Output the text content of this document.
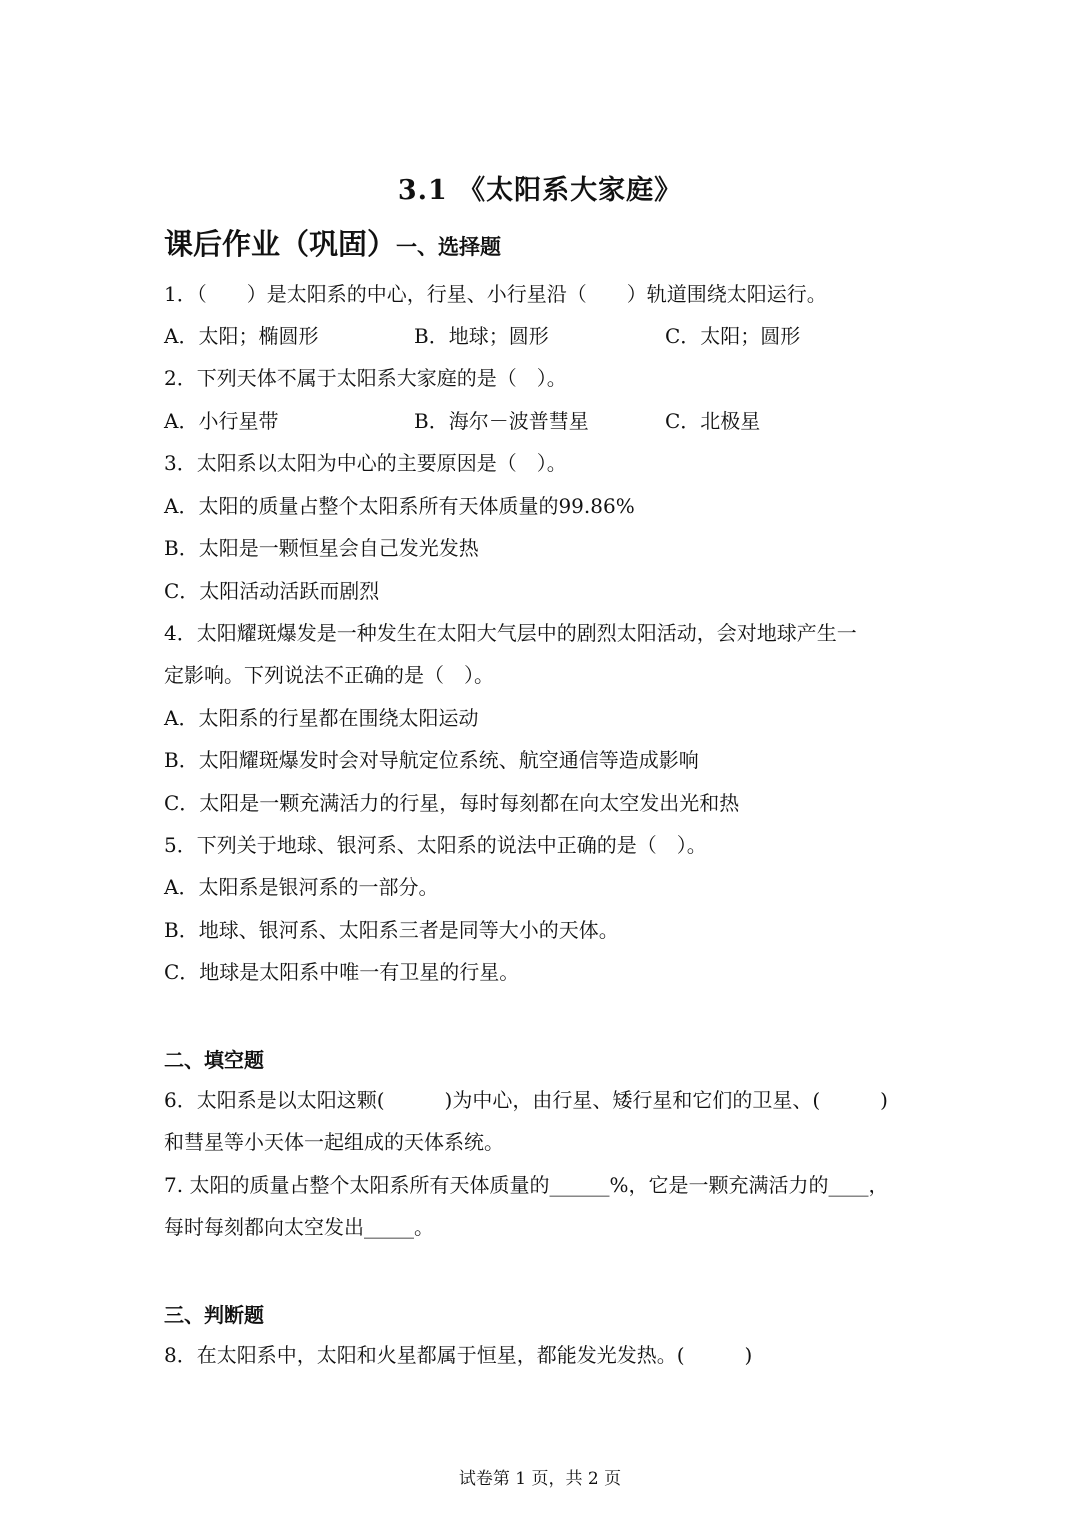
3.1 《太阳系大家庭》
课后作业（巩固）一、选择题
1．（　　）是太阳系的中心，行星、小行星沿（　　）轨道围绕太阳运行。
A．太阳；椭圆形	B．地球；圆形	C．太阳；圆形
2．下列天体不属于太阳系大家庭的是（　）。
A．小行星带	B．海尔－波普彗星	C．北极星
3．太阳系以太阳为中心的主要原因是（　）。
A．太阳的质量占整个太阳系所有天体质量的99.86%
B．太阳是一颗恒星会自己发光发热
C．太阳活动活跃而剧烈
4．太阳耀斑爆发是一种发生在太阳大气层中的剧烈太阳活动，会对地球产生一
定影响。下列说法不正确的是（　）。
A．太阳系的行星都在围绕太阳运动
B．太阳耀斑爆发时会对导航定位系统、航空通信等造成影响
C．太阳是一颗充满活力的行星，每时每刻都在向太空发出光和热
5．下列关于地球、银河系、太阳系的说法中正确的是（　）。
A．太阳系是银河系的一部分。
B．地球、银河系、太阳系三者是同等大小的天体。
C．地球是太阳系中唯一有卫星的行星。
二、填空题
6．太阳系是以太阳这颗(　　　)为中心，由行星、矮行星和它们的卫星、(　　　)
和彗星等小天体一起组成的天体系统。
7. 太阳的质量占整个太阳系所有天体质量的______%，它是一颗充满活力的____，
每时每刻都向太空发出_____。
三、判断题
8．在太阳系中，太阳和火星都属于恒星，都能发光发热。(　　　)
试卷第 1 页，共 2 页
